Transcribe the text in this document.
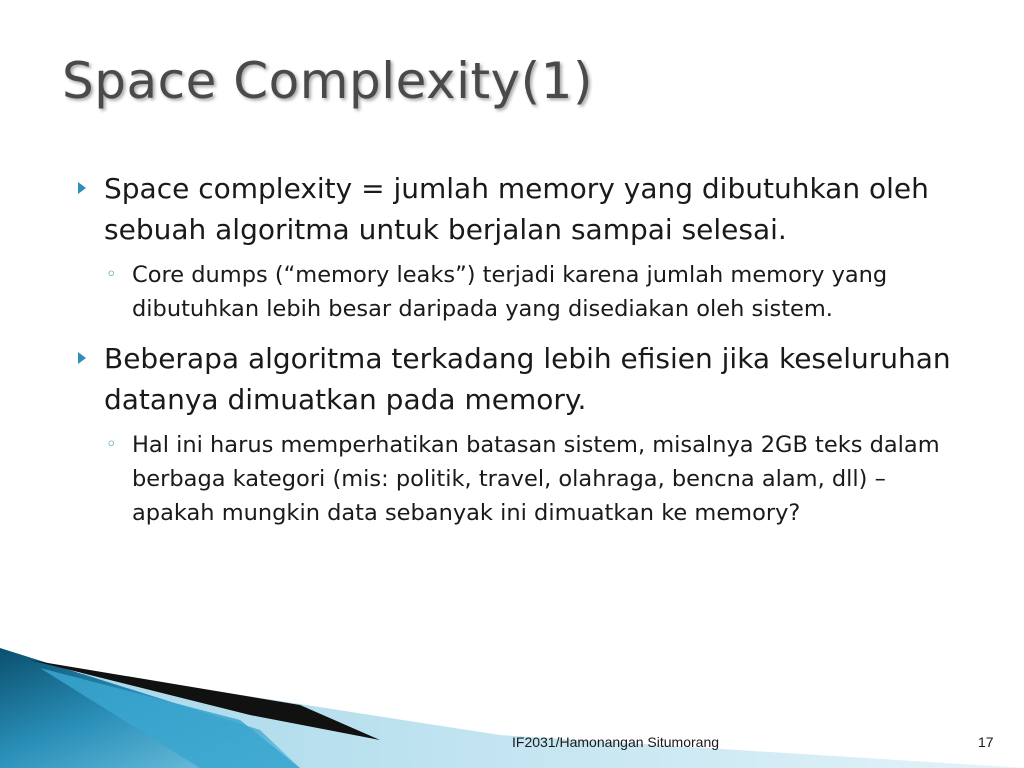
Space Complexity(1)
Space complexity = jumlah memory yang dibutuhkan oleh sebuah algoritma untuk berjalan sampai selesai.
◦ Core dumps (“memory leaks”) terjadi karena jumlah memory yang dibutuhkan lebih besar daripada yang disediakan oleh sistem.
Beberapa algoritma terkadang lebih efisien jika keseluruhan datanya dimuatkan pada memory.
◦ Hal ini harus memperhatikan batasan sistem, misalnya 2GB teks dalam berbaga kategori (mis: politik, travel, olahraga, bencna alam, dll) – apakah mungkin data sebanyak ini dimuatkan ke memory?
IF2031/Hamonangan Situmorang	17
